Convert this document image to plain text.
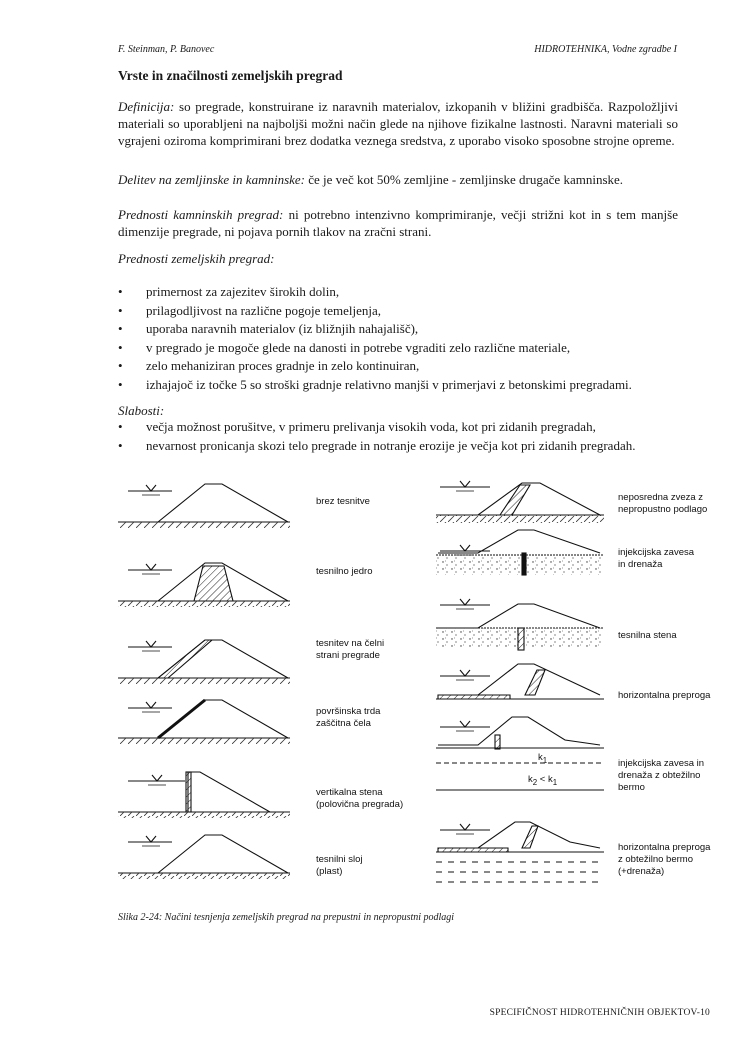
F. Steinman, P. Banovec	HIDROTEHNIKA, Vodne zgradbe I
Vrste in značilnosti zemeljskih pregrad
Definicija: so pregrade, konstruirane iz naravnih materialov, izkopanih v bližini gradbišča. Razpoložljivi materiali so uporabljeni na najboljši možni način glede na njihove fizikalne lastnosti. Naravni materiali so vgrajeni oziroma komprimirani brez dodatka veznega sredstva, z uporabo visoko sposobne strojne opreme.
Delitev na zemljinske in kamninske: če je več kot 50% zemljine - zemljinske drugače kamninske.
Prednosti kamninskih pregrad: ni potrebno intenzivno komprimiranje, večji strižni kot in s tem manjše dimenzije pregrade, ni pojava pornih tlakov na zračni strani.
Prednosti zemeljskih pregrad:
• primernost za zajezitev širokih dolin,
• prilagodljivost na različne pogoje temeljenja,
• uporaba naravnih materialov (iz bližnjih nahajališč),
• v pregrado je mogoče glede na danosti in potrebe vgraditi zelo različne materiale,
• zelo mehaniziran proces gradnje in zelo kontinuiran,
• izhajajoč iz točke 5 so stroški gradnje relativno manjši v primerjavi z betonskimi pregradami.
Slabosti:
• večja možnost porušitve, v primeru prelivanja visokih voda, kot pri zidanih pregradah,
• nevarnost pronicanja skozi telo pregrade in notranje erozije je večja kot pri zidanih pregradah.
brez tesnitve
tesnilno jedro
tesnitev na čelni
strani pregrade
površinska trda
zaščitna čela
vertikalna stena
(polovična pregrada)
tesnilni sloj
(plast)
neposredna zveza z
nepropustno podlago
injekcijska zavesa
in drenaža
tesnilna stena
horizontalna preproga
injekcijska zavesa in
drenaža z obtežilno
bermo
horizontalna preproga
z obtežilno bermo
(+drenaža)
$k_1$
$k_2 < k_1$
Slika 2-24: Načini tesnjenja zemeljskih pregrad na prepustni in nepropustni podlagi
SPECIFIČNOST HIDROTEHNIČNIH OBJEKTOV-10
